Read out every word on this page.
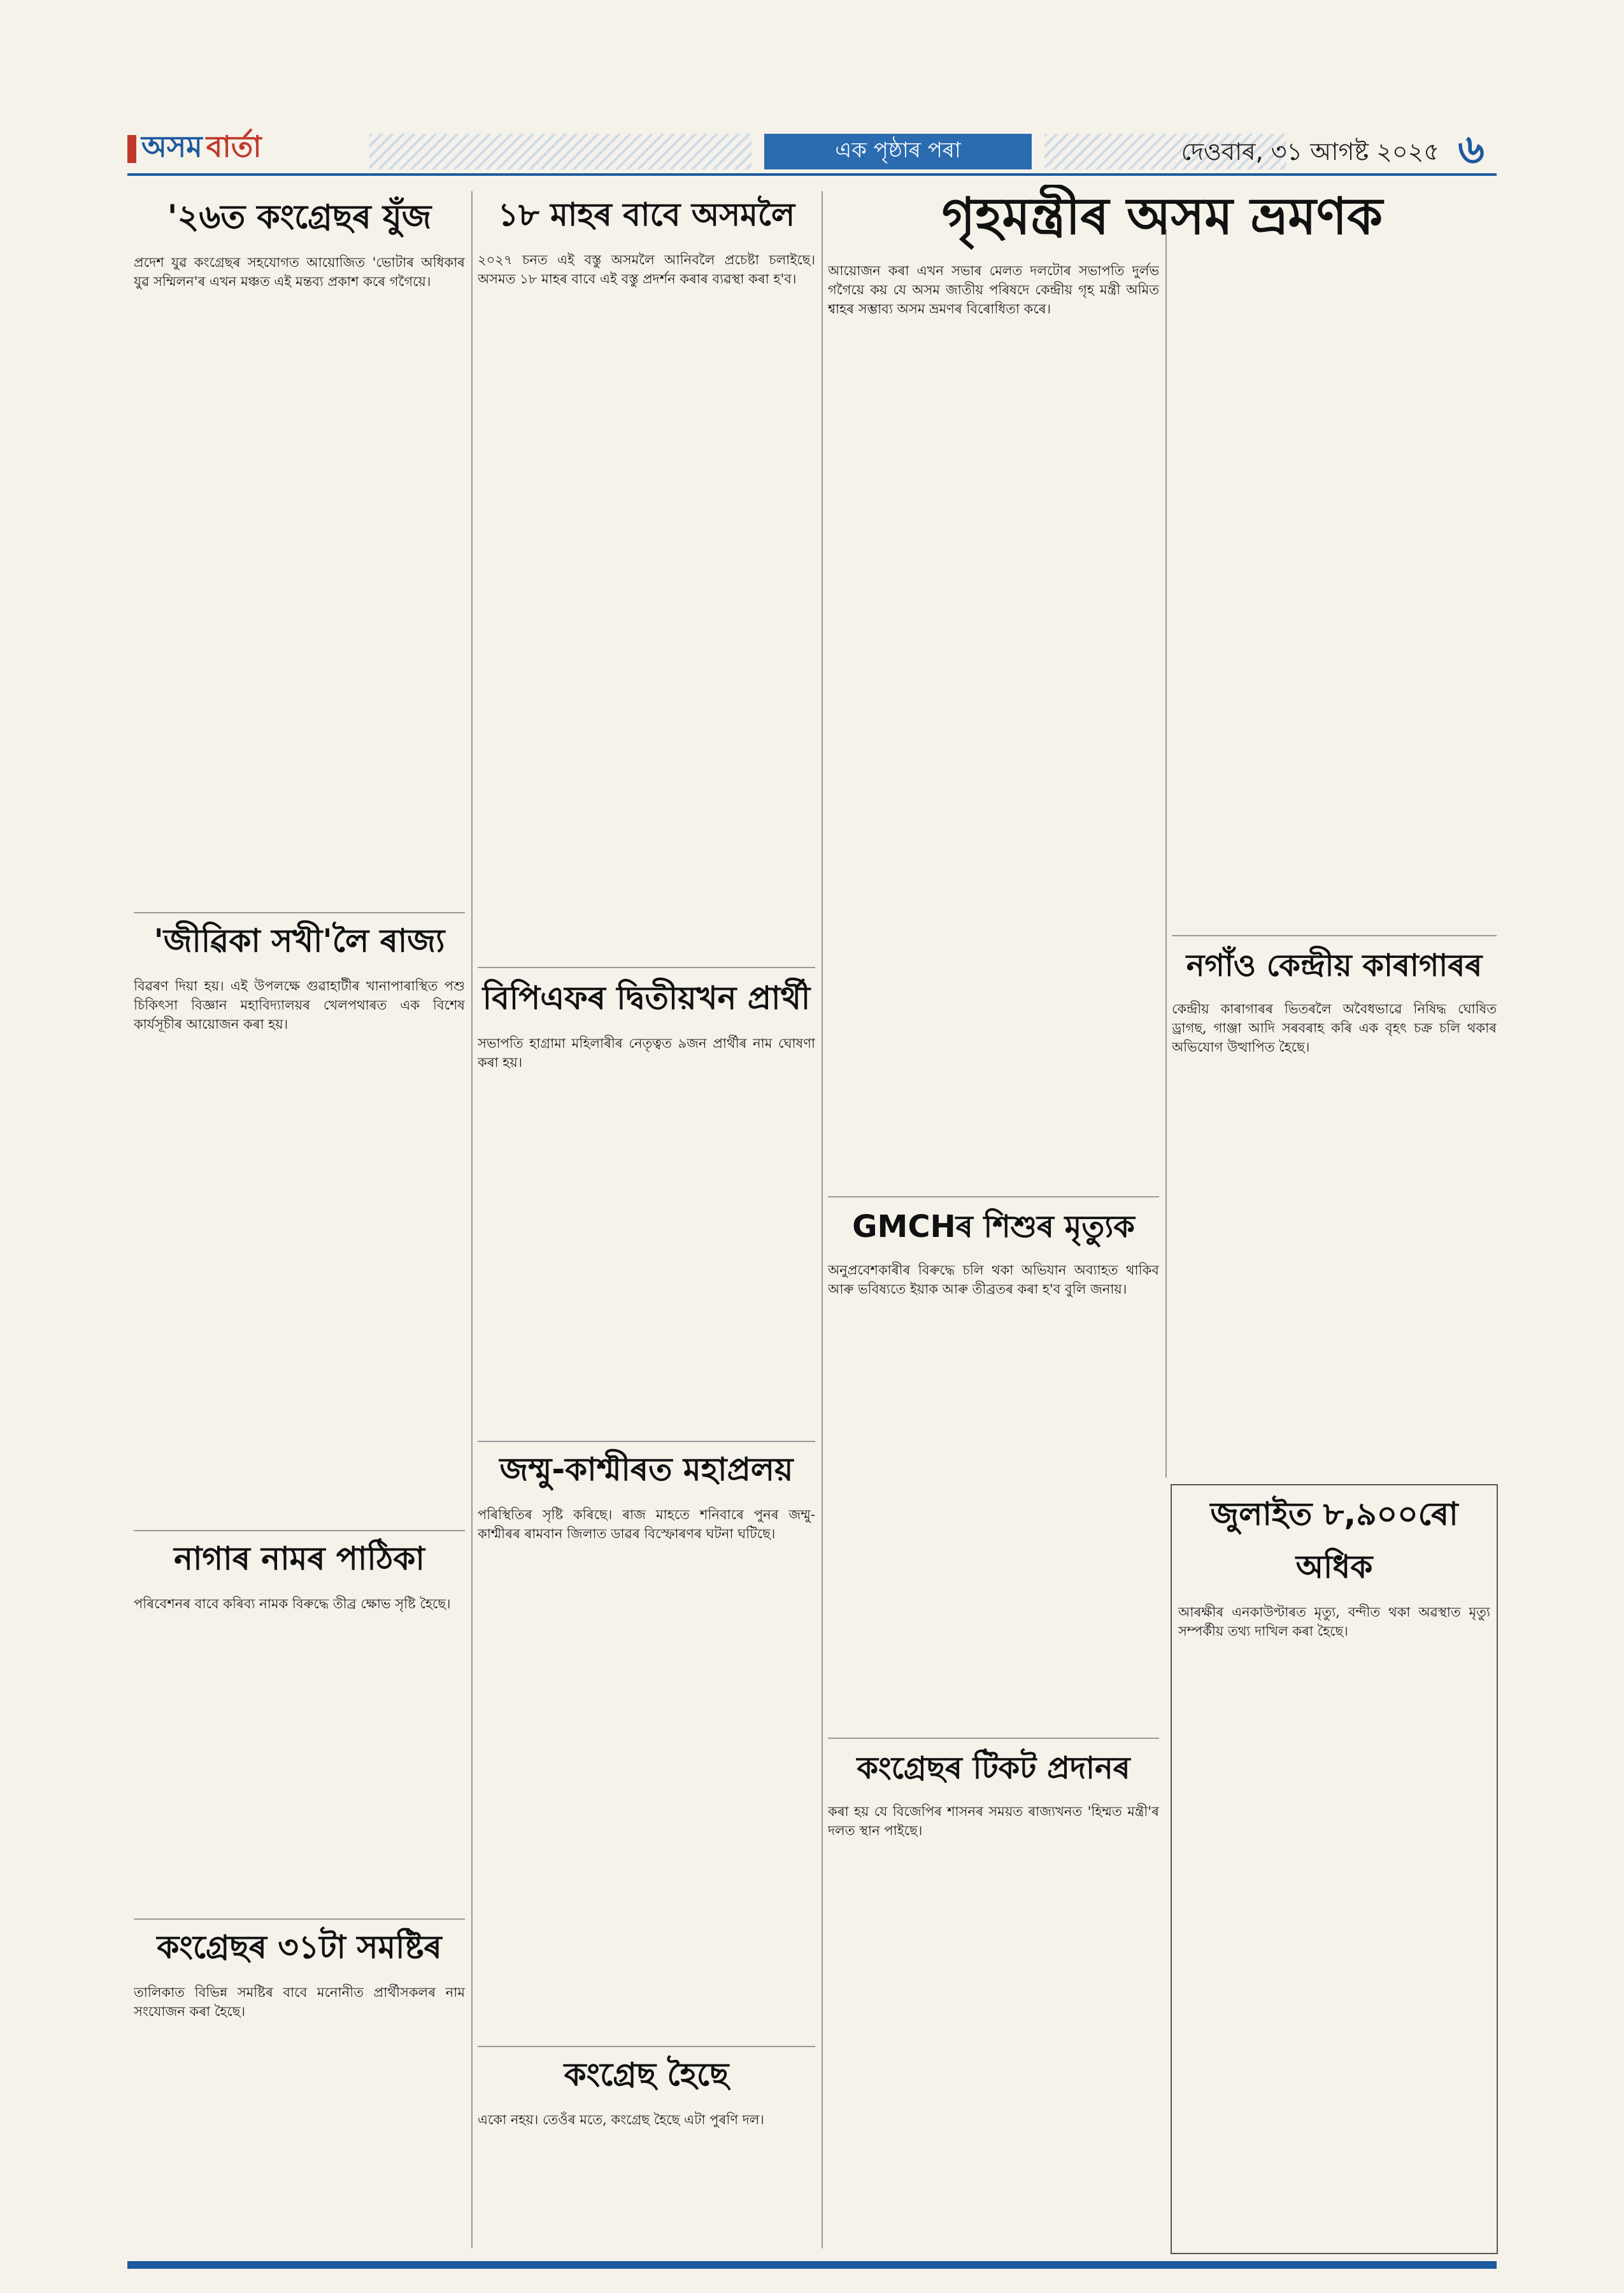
অসম বাৰ্তা	এক পৃষ্ঠাৰ পৰা	দেওবাৰ, ৩১ আগষ্ট ২০২৫ ৬
'২৬ত কংগ্ৰেছৰ যুঁজ

প্ৰদেশ যুৱ কংগ্ৰেছৰ সহযোগত আয়োজিত 'ভোটাৰ অধিকাৰ যুৱ সম্মিলন'ৰ এখন মঞ্চত এই মন্তব্য প্ৰকাশ কৰে গগৈয়ে।

'জীৱিকা সখী'লৈ ৰাজ্য

বিৱৰণ দিয়া হয়। এই উপলক্ষে গুৱাহাটীৰ খানাপাৰাস্থিত পশু চিকিৎসা বিজ্ঞান মহাবিদ্যালয়ৰ খেলপথাৰত এক বিশেষ কাৰ্যসূচীৰ আয়োজন কৰা হয়।

নাগাৰ নামৰ পাঠিকা

পৰিবেশনৰ বাবে কৰিব্য নামক বিৰুদ্ধে তীব্ৰ ক্ষোভ সৃষ্টি হৈছে।

কংগ্ৰেছৰ ৩১টা সমষ্টিৰ

তালিকাত বিভিন্ন সমষ্টিৰ বাবে মনোনীত প্ৰাৰ্থীসকলৰ নাম সংযোজন কৰা হৈছে।

১৮ মাহৰ বাবে অসমলৈ

২০২৭ চনত এই বস্তু অসমলৈ আনিবলৈ প্ৰচেষ্টা চলাইছে। অসমত ১৮ মাহৰ বাবে এই বস্তু প্ৰদৰ্শন কৰাৰ ব্যৱস্থা কৰা হ'ব।

বিপিএফৰ দ্বিতীয়খন প্ৰাৰ্থী

সভাপতি হাগ্ৰামা মহিলাৰীৰ নেতৃত্বত ৯জন প্ৰাৰ্থীৰ নাম ঘোষণা কৰা হয়।

জম্মু-কাশ্মীৰত মহাপ্ৰলয়

পৰিস্থিতিৰ সৃষ্টি কৰিছে। ৰাজ মাহতে শনিবাৰে পুনৰ জম্মু-কাশ্মীৰৰ ৰামবান জিলাত ডাৱৰ বিস্ফোৰণৰ ঘটনা ঘটিছে।

কংগ্ৰেছ হৈছে

একো নহয়। তেওঁৰ মতে, কংগ্ৰেছ হৈছে এটা পুৰণি দল।

গৃহমন্ত্ৰীৰ অসম ভ্ৰমণক

আয়োজন কৰা এখন সভাৰ মেলত দলটোৰ সভাপতি দুৰ্লভ গগৈয়ে কয় যে অসম জাতীয় পৰিষদে কেন্দ্ৰীয় গৃহ মন্ত্ৰী অমিত শ্বাহৰ সম্ভাব্য অসম ভ্ৰমণৰ বিৰোধিতা কৰে।

GMCHৰ শিশুৰ মৃত্যুক

অনুপ্ৰবেশকাৰীৰ বিৰুদ্ধে চলি থকা অভিযান অব্যাহত থাকিব আৰু ভবিষ্যতে ইয়াক আৰু তীব্ৰতৰ কৰা হ'ব বুলি জনায়।

কংগ্ৰেছৰ টিকট প্ৰদানৰ

কৰা হয় যে বিজেপিৰ শাসনৰ সময়ত ৰাজ্যখনত 'হিম্মত মন্ত্ৰী'ৰ দলত স্থান পাইছে।

নগাঁও কেন্দ্ৰীয় কাৰাগাৰৰ

কেন্দ্ৰীয় কাৰাগাৰৰ ভিতৰলৈ অবৈধভাৱে নিষিদ্ধ ঘোষিত ড্ৰাগছ, গাঞ্জা আদি সৰবৰাহ কৰি এক বৃহৎ চক্ৰ চলি থকাৰ অভিযোগ উত্থাপিত হৈছে।

জুলাইত ৮,৯০০ৰো অধিক

আৰক্ষীৰ এনকাউণ্টাৰত মৃত্যু, বন্দীত থকা অৱস্থাত মৃত্যু সম্পৰ্কীয় তথ্য দাখিল কৰা হৈছে।
